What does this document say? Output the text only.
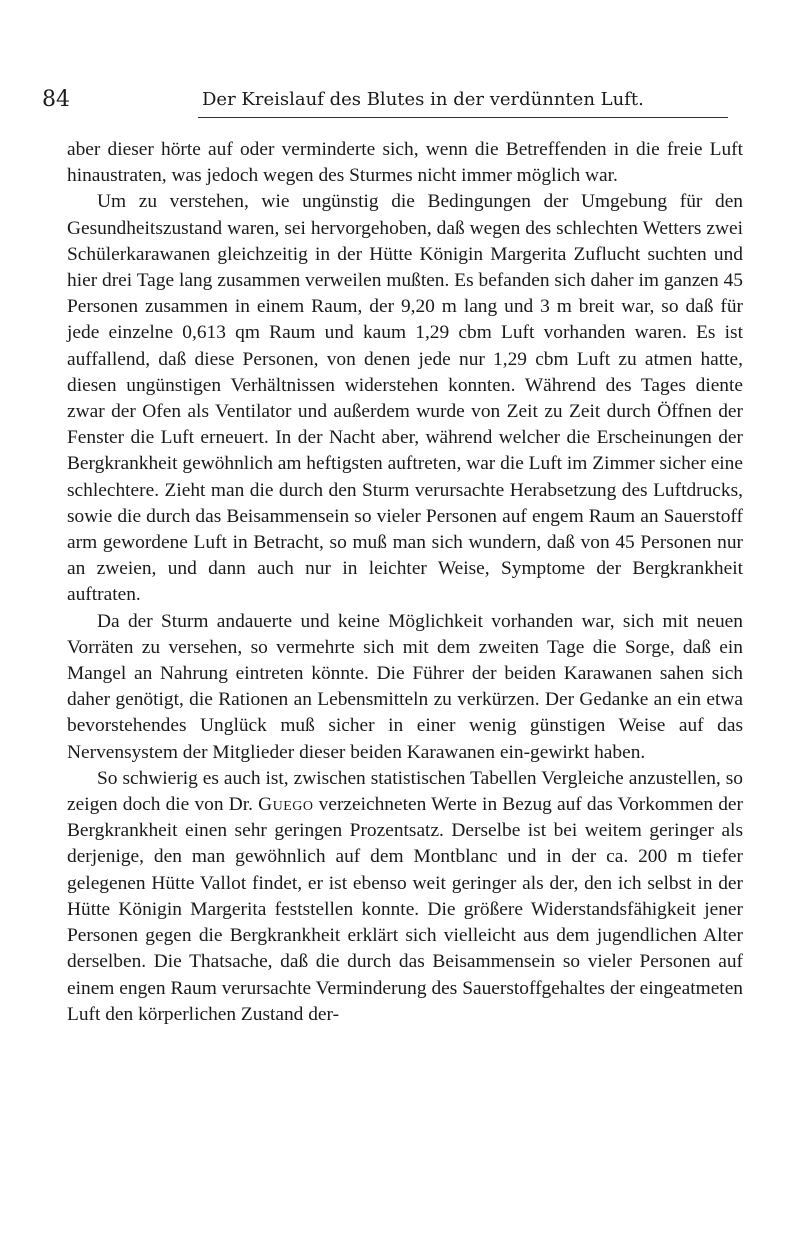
84	Der Kreislauf des Blutes in der verdünnten Luft.

aber dieser hörte auf oder verminderte sich, wenn die Betreffenden in die freie Luft hinaustraten, was jedoch wegen des Sturmes nicht immer möglich war.

Um zu verstehen, wie ungünstig die Bedingungen der Umgebung für den Gesundheitszustand waren, sei hervorgehoben, daß wegen des schlechten Wetters zwei Schülerkarawanen gleichzeitig in der Hütte Königin Margerita Zuflucht suchten und hier drei Tage lang zusammen verweilen mußten. Es befanden sich daher im ganzen 45 Personen zusammen in einem Raum, der 9,20 m lang und 3 m breit war, so daß für jede einzelne 0,613 qm Raum und kaum 1,29 cbm Luft vorhanden waren. Es ist auffallend, daß diese Personen, von denen jede nur 1,29 cbm Luft zu atmen hatte, diesen ungünstigen Verhältnissen widerstehen konnten. Während des Tages diente zwar der Ofen als Ventilator und außerdem wurde von Zeit zu Zeit durch Öffnen der Fenster die Luft erneuert. In der Nacht aber, während welcher die Erscheinungen der Bergkrankheit gewöhnlich am heftigsten auftreten, war die Luft im Zimmer sicher eine schlechtere. Zieht man die durch den Sturm verursachte Herabsetzung des Luftdrucks, sowie die durch das Beisammensein so vieler Personen auf engem Raum an Sauerstoff arm gewordene Luft in Betracht, so muß man sich wundern, daß von 45 Personen nur an zweien, und dann auch nur in leichter Weise, Symptome der Bergkrankheit auftraten.

Da der Sturm andauerte und keine Möglichkeit vorhanden war, sich mit neuen Vorräten zu versehen, so vermehrte sich mit dem zweiten Tage die Sorge, daß ein Mangel an Nahrung eintreten könnte. Die Führer der beiden Karawanen sahen sich daher genötigt, die Rationen an Lebensmitteln zu verkürzen. Der Gedanke an ein etwa bevorstehendes Unglück muß sicher in einer wenig günstigen Weise auf das Nervensystem der Mitglieder dieser beiden Karawanen ein-gewirkt haben.

So schwierig es auch ist, zwischen statistischen Tabellen Vergleiche anzustellen, so zeigen doch die von Dr. Guego verzeichneten Werte in Bezug auf das Vorkommen der Bergkrankheit einen sehr geringen Prozentsatz. Derselbe ist bei weitem geringer als derjenige, den man gewöhnlich auf dem Montblanc und in der ca. 200 m tiefer gelegenen Hütte Vallot findet, er ist ebenso weit geringer als der, den ich selbst in der Hütte Königin Margerita feststellen konnte. Die größere Widerstandsfähigkeit jener Personen gegen die Bergkrankheit erklärt sich vielleicht aus dem jugendlichen Alter derselben. Die Thatsache, daß die durch das Beisammensein so vieler Personen auf einem engen Raum verursachte Verminderung des Sauerstoffgehaltes der eingeatmeten Luft den körperlichen Zustand der-
